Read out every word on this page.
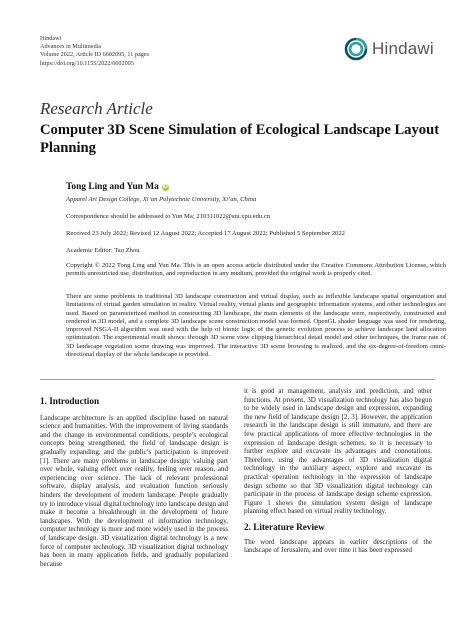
Hindawi
Advances in Multimedia
Volume 2022, Article ID 6602095, 11 pages
https://doi.org/10.1155/2022/6602095
Hindawi
Research Article
Computer 3D Scene Simulation of Ecological Landscape Layout Planning
Tong Ling and Yun Ma iD
Apparel Art Design College, Xi’an Polytechnic University, Xi’an, China
Correspondence should be addressed to Yun Ma; 210311022@stu.xpu.edu.cn
Received 23 July 2022; Revised 12 August 2022; Accepted 17 August 2022; Published 5 September 2022
Academic Editor: Tao Zhou
Copyright © 2022 Tong Ling and Yun Ma. This is an open access article distributed under the Creative Commons Attribution License, which permits unrestricted use, distribution, and reproduction in any medium, provided the original work is properly cited.
There are some problems in traditional 3D landscape construction and virtual display, such as inflexible landscape spatial organization and limitations of virtual garden simulation in reality. Virtual reality, virtual plants and geographic information systems, and other technologies are used. Based on parameterized method in constructing 3D landscape, the main elements of the landscape were, respectively, constructed and rendered in 3D model, and a complete 3D landscape scene construction model was formed. OpenGL shader language was used for rendering, improved NSGA-II algorithm was used with the help of bionic logic of the genetic evolution process to achieve landscape land allocation optimization. The experimental result shows: through 3D scene view clipping hierarchical detail model and other techniques, the frame rate of 3D landscape vegetation scene drawing was improved. The interactive 3D scene browsing is realized, and the six-degree-of-freedom omni-directional display of the whole landscape is provided.
1. Introduction

Landscape architecture is an applied discipline based on natural science and humanities. With the improvement of living standards and the change in environmental conditions, people’s ecological concepts being strengthened, the field of landscape design is gradually expanding, and the public’s participation is improved [1]. There are many problems in landscape design: valuing part over whole, valuing effect over reality, feeling over reason, and experiencing over science. The lack of relevant professional software, display analysis, and evaluation function seriously hinders the development of modern landscape. People gradually try to introduce visual digital technology into landscape design and make it become a breakthrough in the development of future landscapes. With the development of information technology, computer technology is more and more widely used in the process of landscape design. 3D visualization digital technology is a new force of computer technology, 3D visualization digital technology has been in many application fields, and gradually popularized because

it is good at management, analysis and prediction, and other functions. At present, 3D visualization technology has also begun to be widely used in landscape design and expression, expanding the new field of landscape design [2, 3]. However, the application research in the landscape design is still immature, and there are few practical applications of more effective technologies in the expression of landscape design schemes, so it is necessary to further explore and excavate its advantages and connotations. Therefore, using the advantages of 3D visualization digital technology in the auxiliary aspect, explore and excavate its practical operation technology in the expression of landscape design scheme so that 3D visualization digital technology can participate in the process of landscape design scheme expression. Figure 1 shows the simulation system design of landscape planning effect based on virtual reality technology.

2. Literature Review

The word landscape appears in earlier descriptions of the landscape of Jerusalem, and over time it has been expressed
